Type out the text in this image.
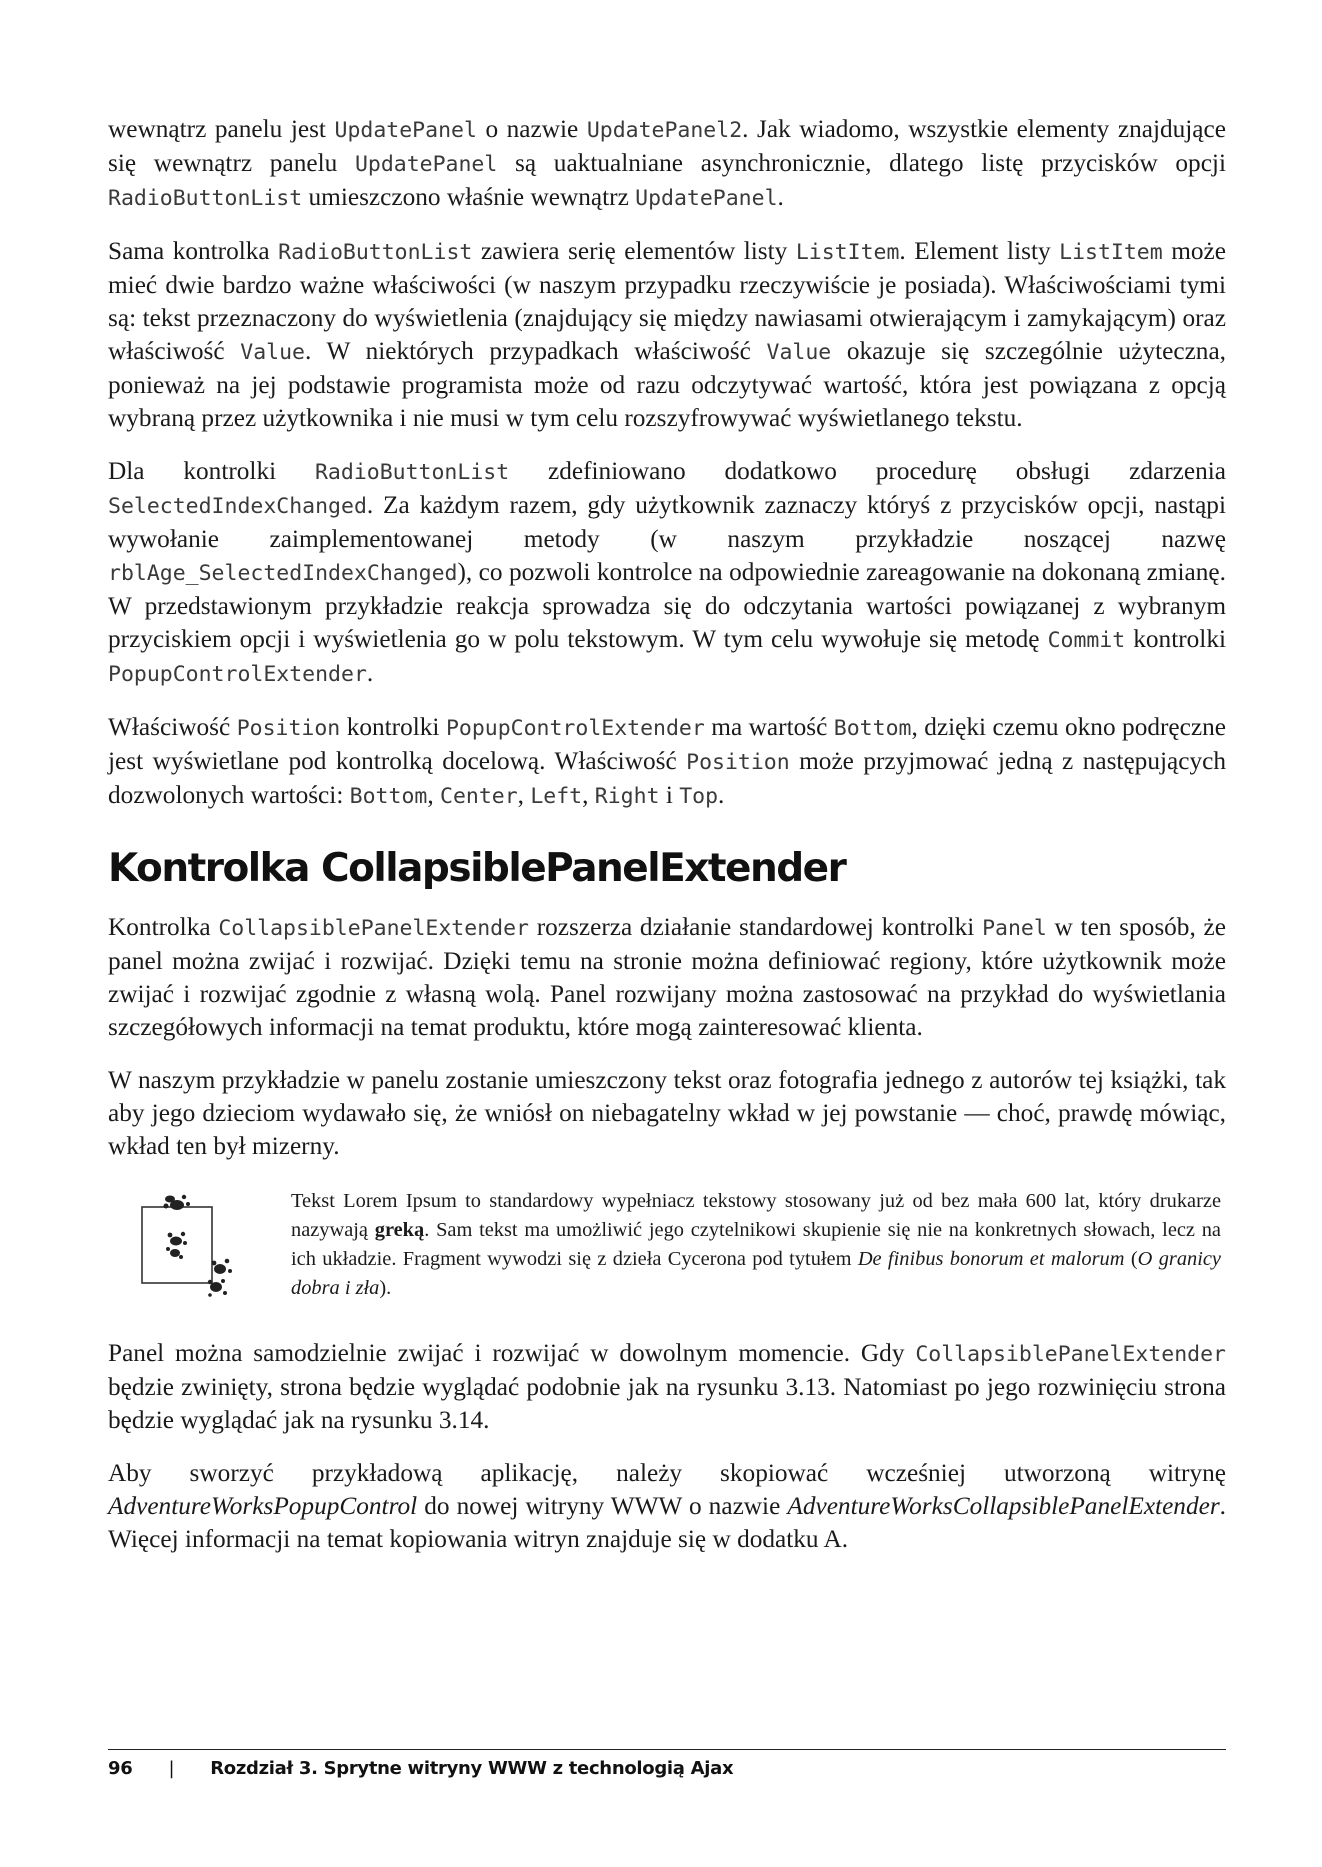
wewnątrz panelu jest UpdatePanel o nazwie UpdatePanel2. Jak wiadomo, wszystkie elementy znajdujące się wewnątrz panelu UpdatePanel są uaktualniane asynchronicznie, dlatego listę przycisków opcji RadioButtonList umieszczono właśnie wewnątrz UpdatePanel.

Sama kontrolka RadioButtonList zawiera serię elementów listy ListItem. Element listy ListItem może mieć dwie bardzo ważne właściwości (w naszym przypadku rzeczywiście je posiada). Właściwościami tymi są: tekst przeznaczony do wyświetlenia (znajdujący się między nawiasami otwierającym i zamykającym) oraz właściwość Value. W niektórych przypadkach właściwość Value okazuje się szczególnie użyteczna, ponieważ na jej podstawie programista może od razu odczytywać wartość, która jest powiązana z opcją wybraną przez użytkownika i nie musi w tym celu rozszyfrowywać wyświetlanego tekstu.

Dla kontrolki RadioButtonList zdefiniowano dodatkowo procedurę obsługi zdarzenia SelectedIndexChanged. Za każdym razem, gdy użytkownik zaznaczy któryś z przycisków opcji, nastąpi wywołanie zaimplementowanej metody (w naszym przykładzie noszącej nazwę rblAge_SelectedIndexChanged), co pozwoli kontrolce na odpowiednie zareagowanie na dokonaną zmianę. W przedstawionym przykładzie reakcja sprowadza się do odczytania wartości powiązanej z wybranym przyciskiem opcji i wyświetlenia go w polu tekstowym. W tym celu wywołuje się metodę Commit kontrolki PopupControlExtender.

Właściwość Position kontrolki PopupControlExtender ma wartość Bottom, dzięki czemu okno podręczne jest wyświetlane pod kontrolką docelową. Właściwość Position może przyjmować jedną z następujących dozwolonych wartości: Bottom, Center, Left, Right i Top.

Kontrolka CollapsiblePanelExtender

Kontrolka CollapsiblePanelExtender rozszerza działanie standardowej kontrolki Panel w ten sposób, że panel można zwijać i rozwijać. Dzięki temu na stronie można definiować regiony, które użytkownik może zwijać i rozwijać zgodnie z własną wolą. Panel rozwijany można zastosować na przykład do wyświetlania szczegółowych informacji na temat produktu, które mogą zainteresować klienta.

W naszym przykładzie w panelu zostanie umieszczony tekst oraz fotografia jednego z autorów tej książki, tak aby jego dzieciom wydawało się, że wniósł on niebagatelny wkład w jej powstanie — choć, prawdę mówiąc, wkład ten był mizerny.

Tekst Lorem Ipsum to standardowy wypełniacz tekstowy stosowany już od bez mała 600 lat, który drukarze nazywają greką. Sam tekst ma umożliwić jego czytelnikowi skupienie się nie na konkretnych słowach, lecz na ich układzie. Fragment wywodzi się z dzieła Cycerona pod tytułem De finibus bonorum et malorum (O granicy dobra i zła).

Panel można samodzielnie zwijać i rozwijać w dowolnym momencie. Gdy CollapsiblePanelExtender będzie zwinięty, strona będzie wyglądać podobnie jak na rysunku 3.13. Natomiast po jego rozwinięciu strona będzie wyglądać jak na rysunku 3.14.

Aby sworzyć przykładową aplikację, należy skopiować wcześniej utworzoną witrynę AdventureWorksPopupControl do nowej witryny WWW o nazwie AdventureWorksCollapsiblePanelExtender. Więcej informacji na temat kopiowania witryn znajduje się w dodatku A.

96 | Rozdział 3. Sprytne witryny WWW z technologią Ajax
